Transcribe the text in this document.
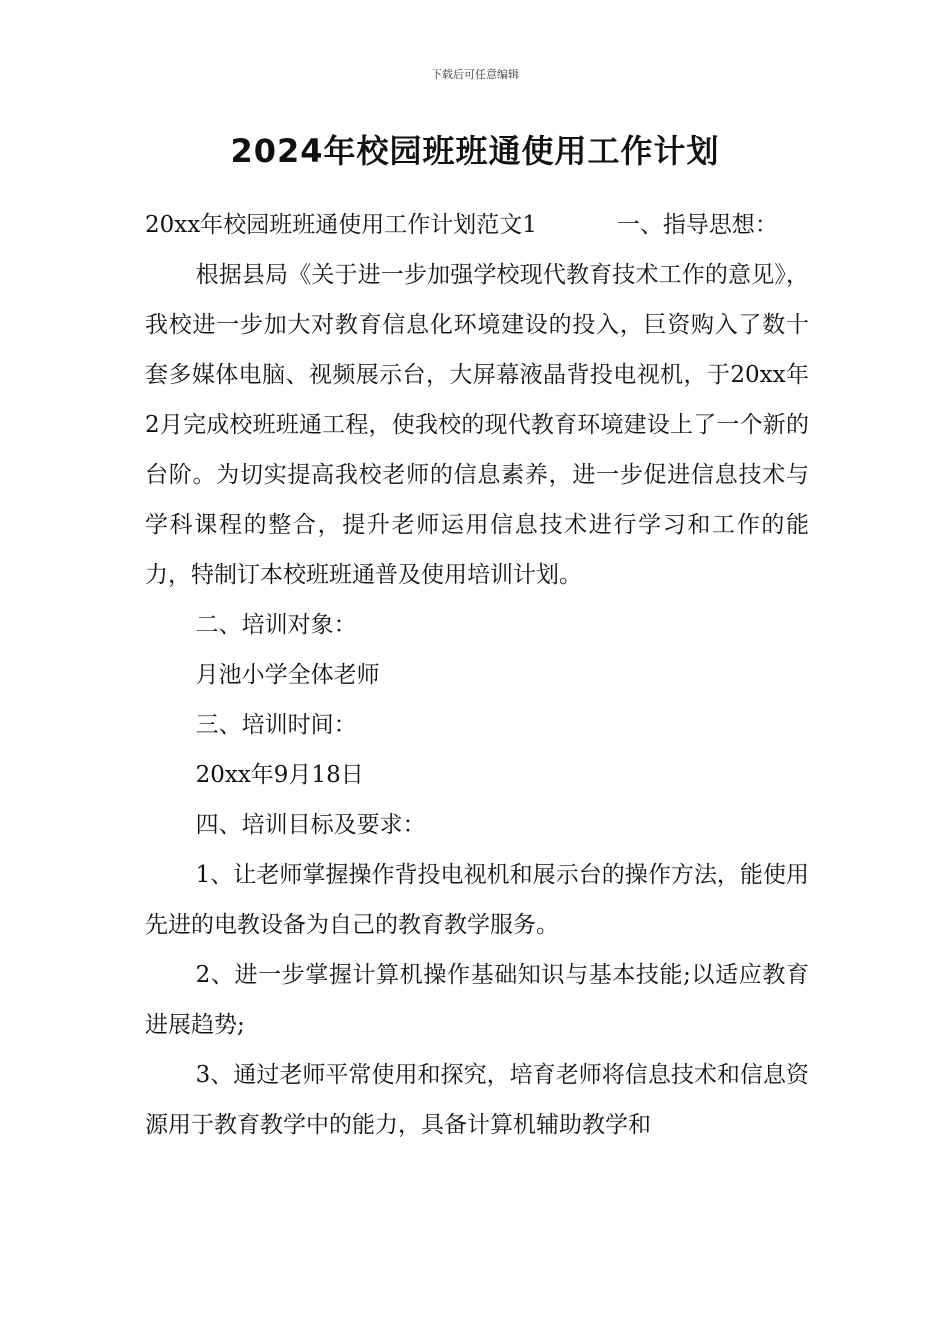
下载后可任意编辑
2024年校园班班通使用工作计划

20xx年校园班班通使用工作计划范文1	一、指导思想：

根据县局《关于进一步加强学校现代教育技术工作的意见》，我校进一步加大对教育信息化环境建设的投入，巨资购入了数十套多媒体电脑、视频展示台，大屏幕液晶背投电视机，于20xx年2月完成校班班通工程，使我校的现代教育环境建设上了一个新的台阶。为切实提高我校老师的信息素养，进一步促进信息技术与学科课程的整合，提升老师运用信息技术进行学习和工作的能力，特制订本校班班通普及使用培训计划。

二、培训对象：

月池小学全体老师

三、培训时间：

20xx年9月18日

四、培训目标及要求：

1、让老师掌握操作背投电视机和展示台的操作方法，能使用先进的电教设备为自己的教育教学服务。

2、进一步掌握计算机操作基础知识与基本技能;以适应教育进展趋势;

3、通过老师平常使用和探究，培育老师将信息技术和信息资源用于教育教学中的能力，具备计算机辅助教学和
